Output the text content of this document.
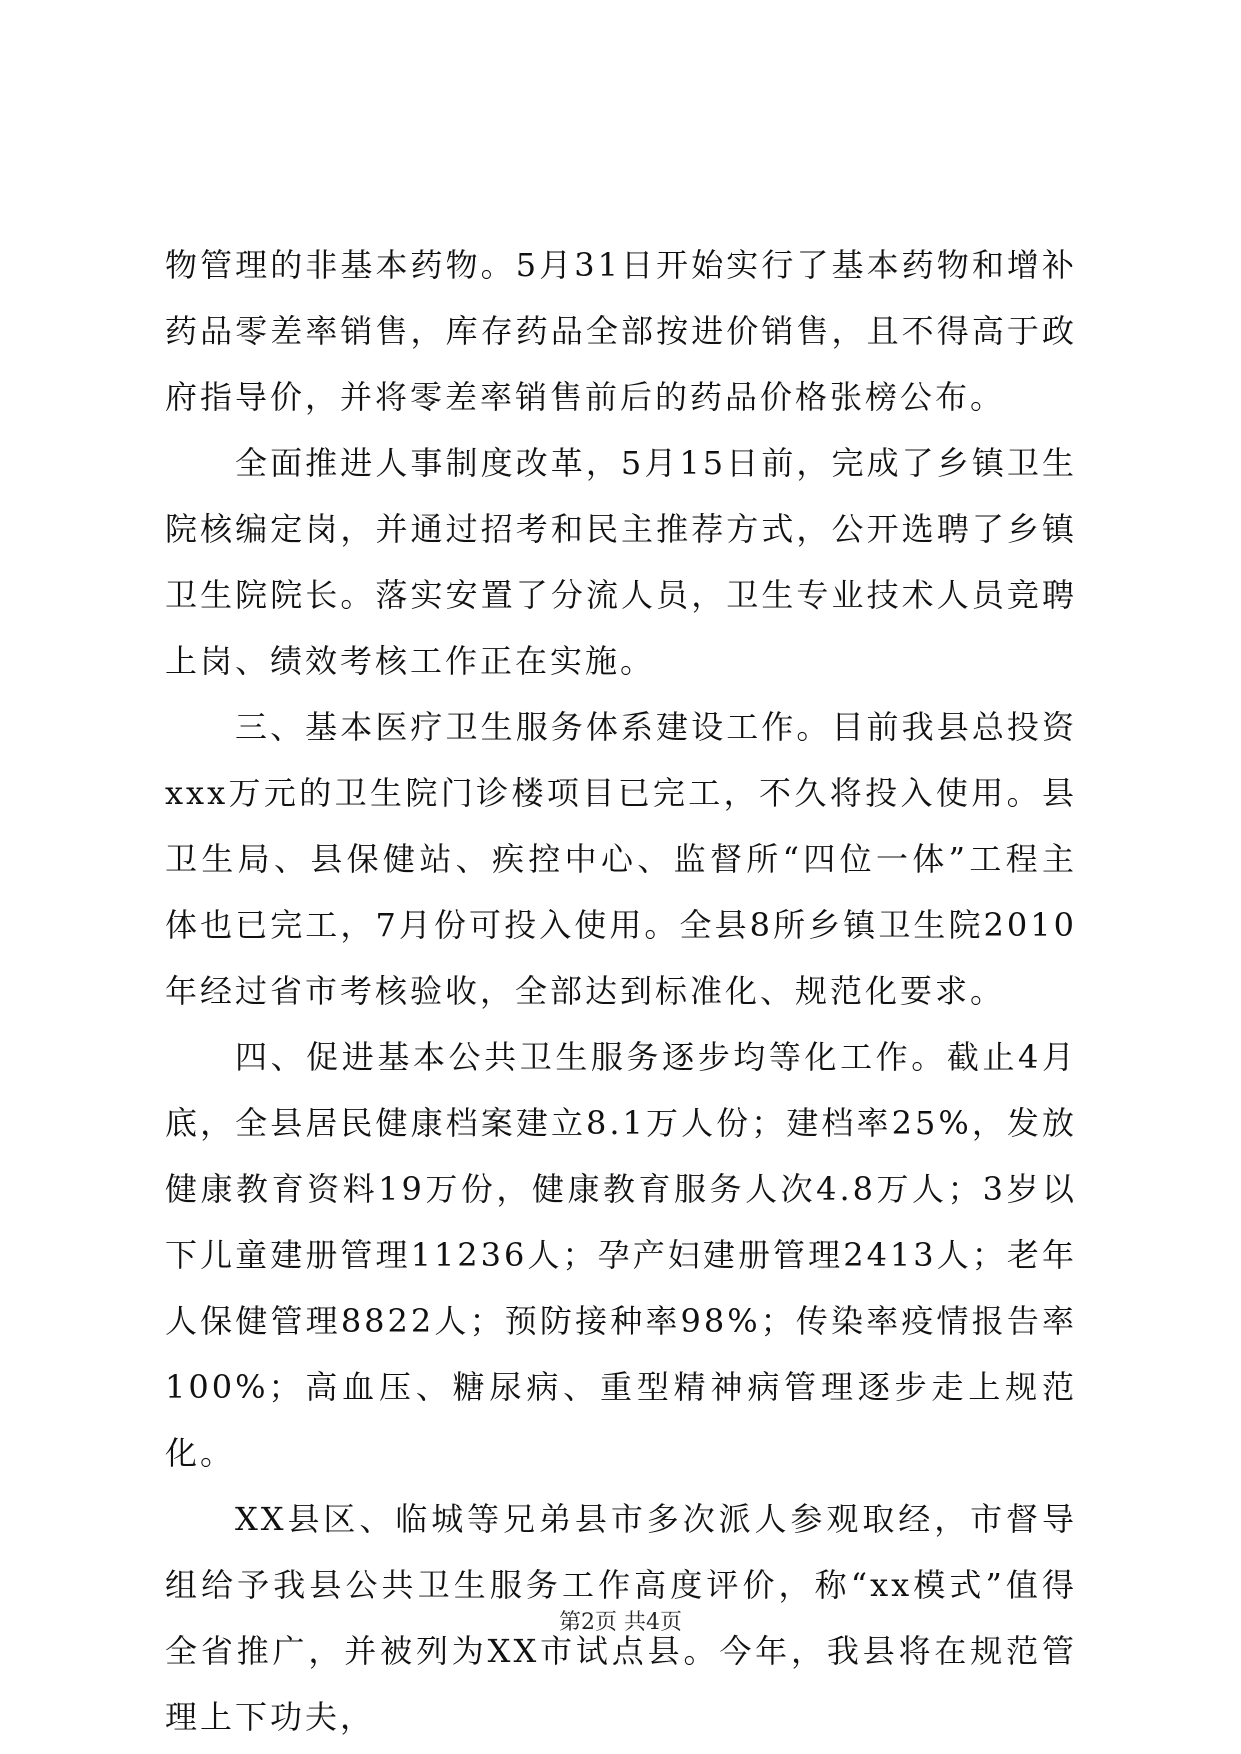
物管理的非基本药物。5月31日开始实行了基本药物和增补药品零差率销售，库存药品全部按进价销售，且不得高于政府指导价，并将零差率销售前后的药品价格张榜公布。

全面推进人事制度改革，5月15日前，完成了乡镇卫生院核编定岗，并通过招考和民主推荐方式，公开选聘了乡镇卫生院院长。落实安置了分流人员，卫生专业技术人员竞聘上岗、绩效考核工作正在实施。

三、基本医疗卫生服务体系建设工作。目前我县总投资xxx万元的卫生院门诊楼项目已完工，不久将投入使用。县卫生局、县保健站、疾控中心、监督所“四位一体”工程主体也已完工，7月份可投入使用。全县8所乡镇卫生院2010年经过省市考核验收，全部达到标准化、规范化要求。

四、促进基本公共卫生服务逐步均等化工作。截止4月底，全县居民健康档案建立8.1万人份；建档率25%，发放健康教育资料19万份，健康教育服务人次4.8万人；3岁以下儿童建册管理11236人；孕产妇建册管理2413人；老年人保健管理8822人；预防接种率98%；传染率疫情报告率100%；高血压、糖尿病、重型精神病管理逐步走上规范化。

XX县区、临城等兄弟县市多次派人参观取经，市督导组给予我县公共卫生服务工作高度评价，称“xx模式”值得全省推广，并被列为XX市试点县。今年，我县将在规范管理上下功夫，

第2页 共4页
